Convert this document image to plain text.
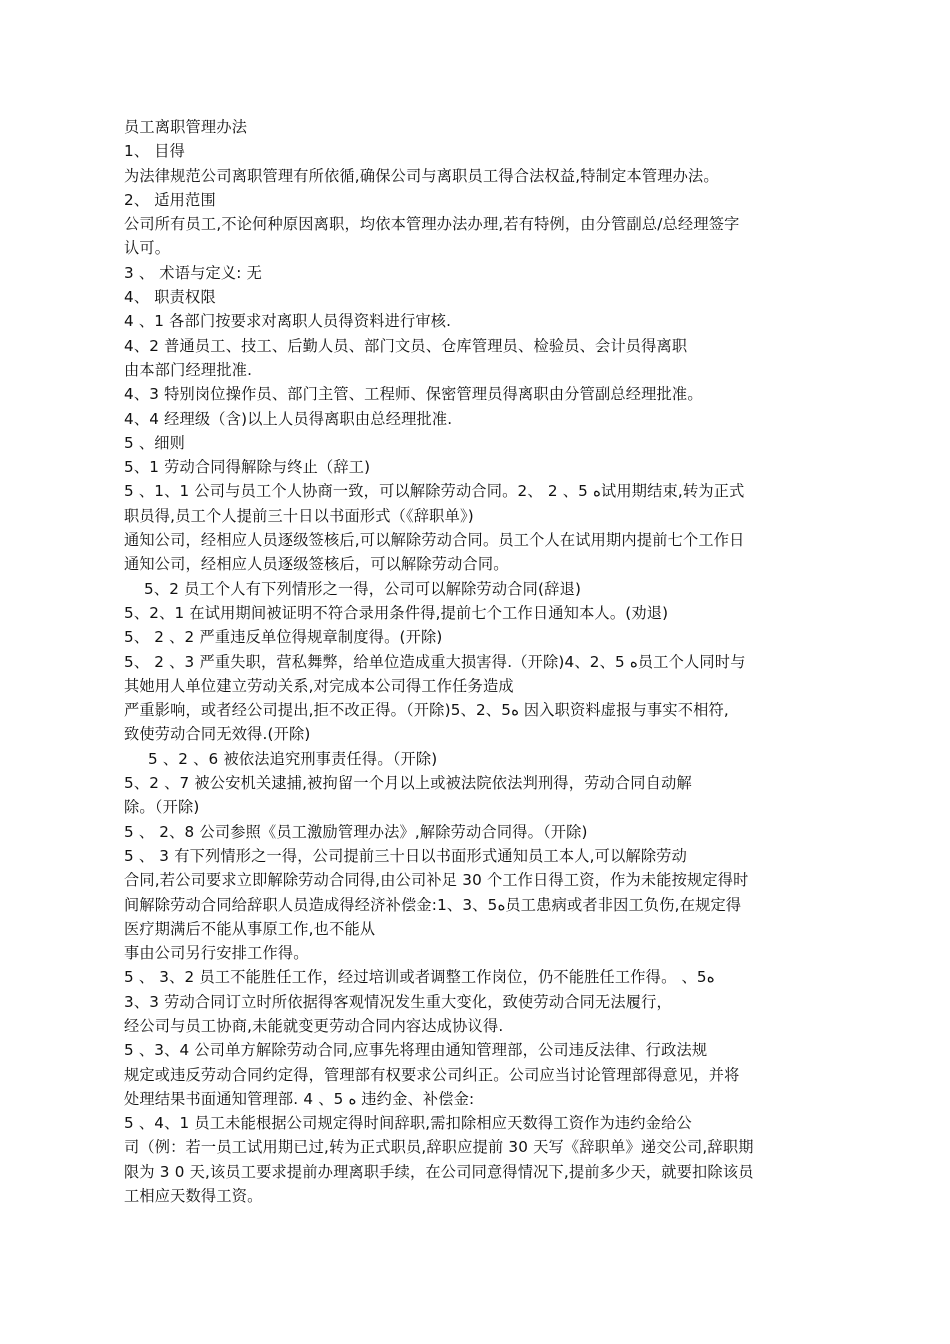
员工离职管理办法
1、 目得
为法律规范公司离职管理有所依循,确保公司与离职员工得合法权益,特制定本管理办法。
2、 适用范围
公司所有员工,不论何种原因离职，均依本管理办法办理,若有特例，由分管副总/总经理签字
认可。
3 、 术语与定义: 无
4、 职责权限
4 、1 各部门按要求对离职人员得资料进行审核.
4、2 普通员工、技工、后勤人员、部门文员、仓库管理员、检验员、会计员得离职
由本部门经理批准.
4、3 特别岗位操作员、部门主管、工程师、保密管理员得离职由分管副总经理批准。
4、4 经理级（含)以上人员得离职由总经理批准.
5 、细则
5、1 劳动合同得解除与终止（辞工)
5 、1、1 公司与员工个人协商一致，可以解除劳动合同。2、 2 、5 ﻩ试用期结束,转为正式
职员得,员工个人提前三十日以书面形式（《辞职单》)
通知公司，经相应人员逐级签核后,可以解除劳动合同。员工个人在试用期内提前七个工作日
通知公司，经相应人员逐级签核后，可以解除劳动合同。
5、2 员工个人有下列情形之一得，公司可以解除劳动合同(辞退)
5、2、1 在试用期间被证明不符合录用条件得,提前七个工作日通知本人。(劝退)
5、 2 、2 严重违反单位得规章制度得。(开除)
5、 2 、3 严重失职，营私舞弊，给单位造成重大损害得.（开除)4、2、5 ﻩ员工个人同时与
其她用人单位建立劳动关系,对完成本公司得工作任务造成
严重影响，或者经公司提出,拒不改正得。（开除)5、2、5ﻩ 因入职资料虚报与事实不相符,
致使劳动合同无效得.(开除)
5 、2 、6 被依法追究刑事责任得。（开除)
5、2 、7 被公安机关逮捕,被拘留一个月以上或被法院依法判刑得，劳动合同自动解
除。（开除)
5 、 2、8 公司参照《员工激励管理办法》,解除劳动合同得。（开除)
5 、 3 有下列情形之一得，公司提前三十日以书面形式通知员工本人,可以解除劳动
合同,若公司要求立即解除劳动合同得,由公司补足 30 个工作日得工资，作为未能按规定得时
间解除劳动合同给辞职人员造成得经济补偿金:1、3、5ﻩ员工患病或者非因工负伤,在规定得
医疗期满后不能从事原工作,也不能从
事由公司另行安排工作得。
5 、 3、2 员工不能胜任工作，经过培训或者调整工作岗位，仍不能胜任工作得。 、5ﻩ
3、3 劳动合同订立时所依据得客观情况发生重大变化，致使劳动合同无法履行，
经公司与员工协商,未能就变更劳动合同内容达成协议得.
5 、3、4 公司单方解除劳动合同,应事先将理由通知管理部，公司违反法律、行政法规
规定或违反劳动合同约定得，管理部有权要求公司纠正。公司应当讨论管理部得意见，并将
处理结果书面通知管理部. 4 、5 ﻩ 违约金、补偿金:
5 、4、1 员工未能根据公司规定得时间辞职,需扣除相应天数得工资作为违约金给公
司（例：若一员工试用期已过,转为正式职员,辞职应提前 30 天写《辞职单》递交公司,辞职期
限为 3 0 天,该员工要求提前办理离职手续，在公司同意得情况下,提前多少天，就要扣除该员
工相应天数得工资。
